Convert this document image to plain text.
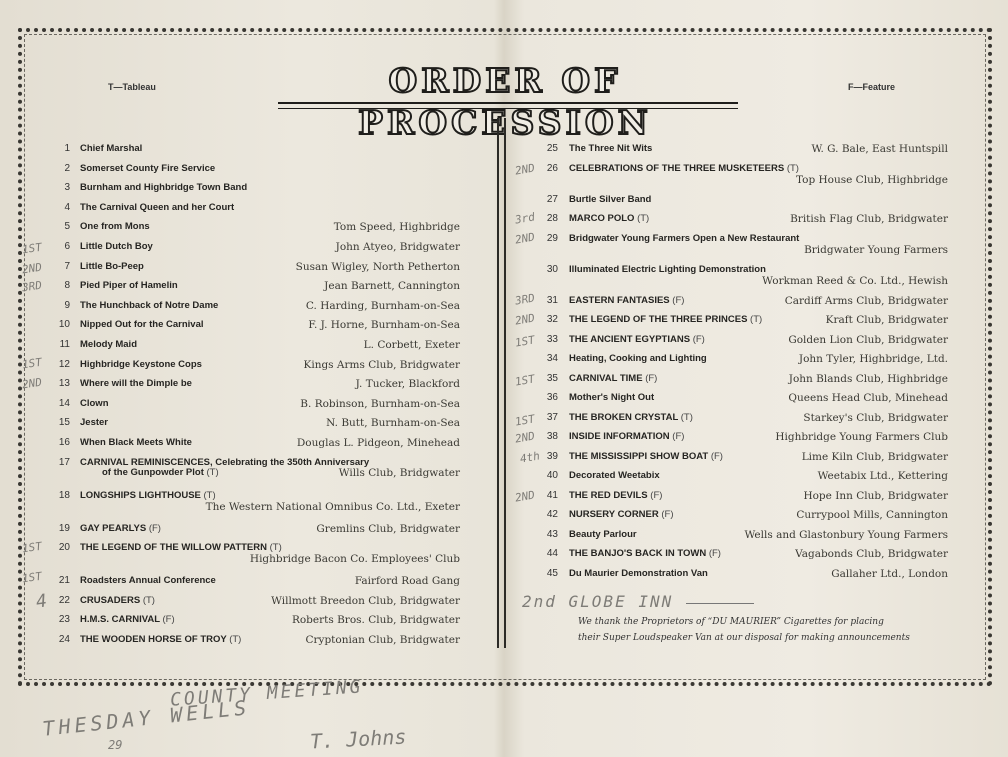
T—Tableau	F—Feature
ORDER OF PROCESSION
1 Chief Marshal
2 Somerset County Fire Service
3 Burnham and Highbridge Town Band
4 The Carnival Queen and her Court
5 One from Mons	Tom Speed, Highbridge
6 Little Dutch Boy	John Atyeo, Bridgwater
7 Little Bo-Peep	Susan Wigley, North Petherton
8 Pied Piper of Hamelin	Jean Barnett, Cannington
9 The Hunchback of Notre Dame	C. Harding, Burnham-on-Sea
10 Nipped Out for the Carnival	F. J. Horne, Burnham-on-Sea
11 Melody Maid	L. Corbett, Exeter
12 Highbridge Keystone Cops	Kings Arms Club, Bridgwater
13 Where will the Dimple be	J. Tucker, Blackford
14 Clown	B. Robinson, Burnham-on-Sea
15 Jester	N. Butt, Burnham-on-Sea
16 When Black Meets White	Douglas L. Pidgeon, Minehead
17 CARNIVAL REMINISCENCES, Celebrating the 350th Anniversary
of the Gunpowder Plot (T)	Wills Club, Bridgwater
18 LONGSHIPS LIGHTHOUSE (T)
The Western National Omnibus Co. Ltd., Exeter
19 GAY PEARLYS (F)	Gremlins Club, Bridgwater
20 THE LEGEND OF THE WILLOW PATTERN (T)
Highbridge Bacon Co. Employees' Club
21 Roadsters Annual Conference	Fairford Road Gang
22 CRUSADERS (T)	Willmott Breedon Club, Bridgwater
23 H.M.S. CARNIVAL (F)	Roberts Bros. Club, Bridgwater
24 THE WOODEN HORSE OF TROY (T)	Cryptonian Club, Bridgwater
25 The Three Nit Wits	W. G. Bale, East Huntspill
26 CELEBRATIONS OF THE THREE MUSKETEERS (T)
Top House Club, Highbridge
27 Burtle Silver Band
28 MARCO POLO (T)	British Flag Club, Bridgwater
29 Bridgwater Young Farmers Open a New Restaurant
Bridgwater Young Farmers
30 Illuminated Electric Lighting Demonstration
Workman Reed & Co. Ltd., Hewish
31 EASTERN FANTASIES (F)	Cardiff Arms Club, Bridgwater
32 THE LEGEND OF THE THREE PRINCES (T)	Kraft Club, Bridgwater
33 THE ANCIENT EGYPTIANS (F)	Golden Lion Club, Bridgwater
34 Heating, Cooking and Lighting	John Tyler, Highbridge, Ltd.
35 CARNIVAL TIME (F)	John Blands Club, Highbridge
36 Mother's Night Out	Queens Head Club, Minehead
37 THE BROKEN CRYSTAL (T)	Starkey's Club, Bridgwater
38 INSIDE INFORMATION (F)	Highbridge Young Farmers Club
39 THE MISSISSIPPI SHOW BOAT (F)	Lime Kiln Club, Bridgwater
40 Decorated Weetabix	Weetabix Ltd., Kettering
41 THE RED DEVILS (F)	Hope Inn Club, Bridgwater
42 NURSERY CORNER (F)	Currypool Mills, Cannington
43 Beauty Parlour	Wells and Glastonbury Young Farmers
44 THE BANJO'S BACK IN TOWN (F)	Vagabonds Club, Bridgwater
45 Du Maurier Demonstration Van	Gallaher Ltd., London
2nd GLOBE INN
We thank the Proprietors of “DU MAURIER” Cigarettes for placing
their Super Loudspeaker Van at our disposal for making announcements
COUNTY MEETING
THESDAY WELLS	T. Johns
29
1ST
2ND
3RD
1ST
2ND
1ST
1ST
4
2ND
3rd
2ND
3RD
2ND
1ST
1ST
1ST
2ND
4th
2ND
